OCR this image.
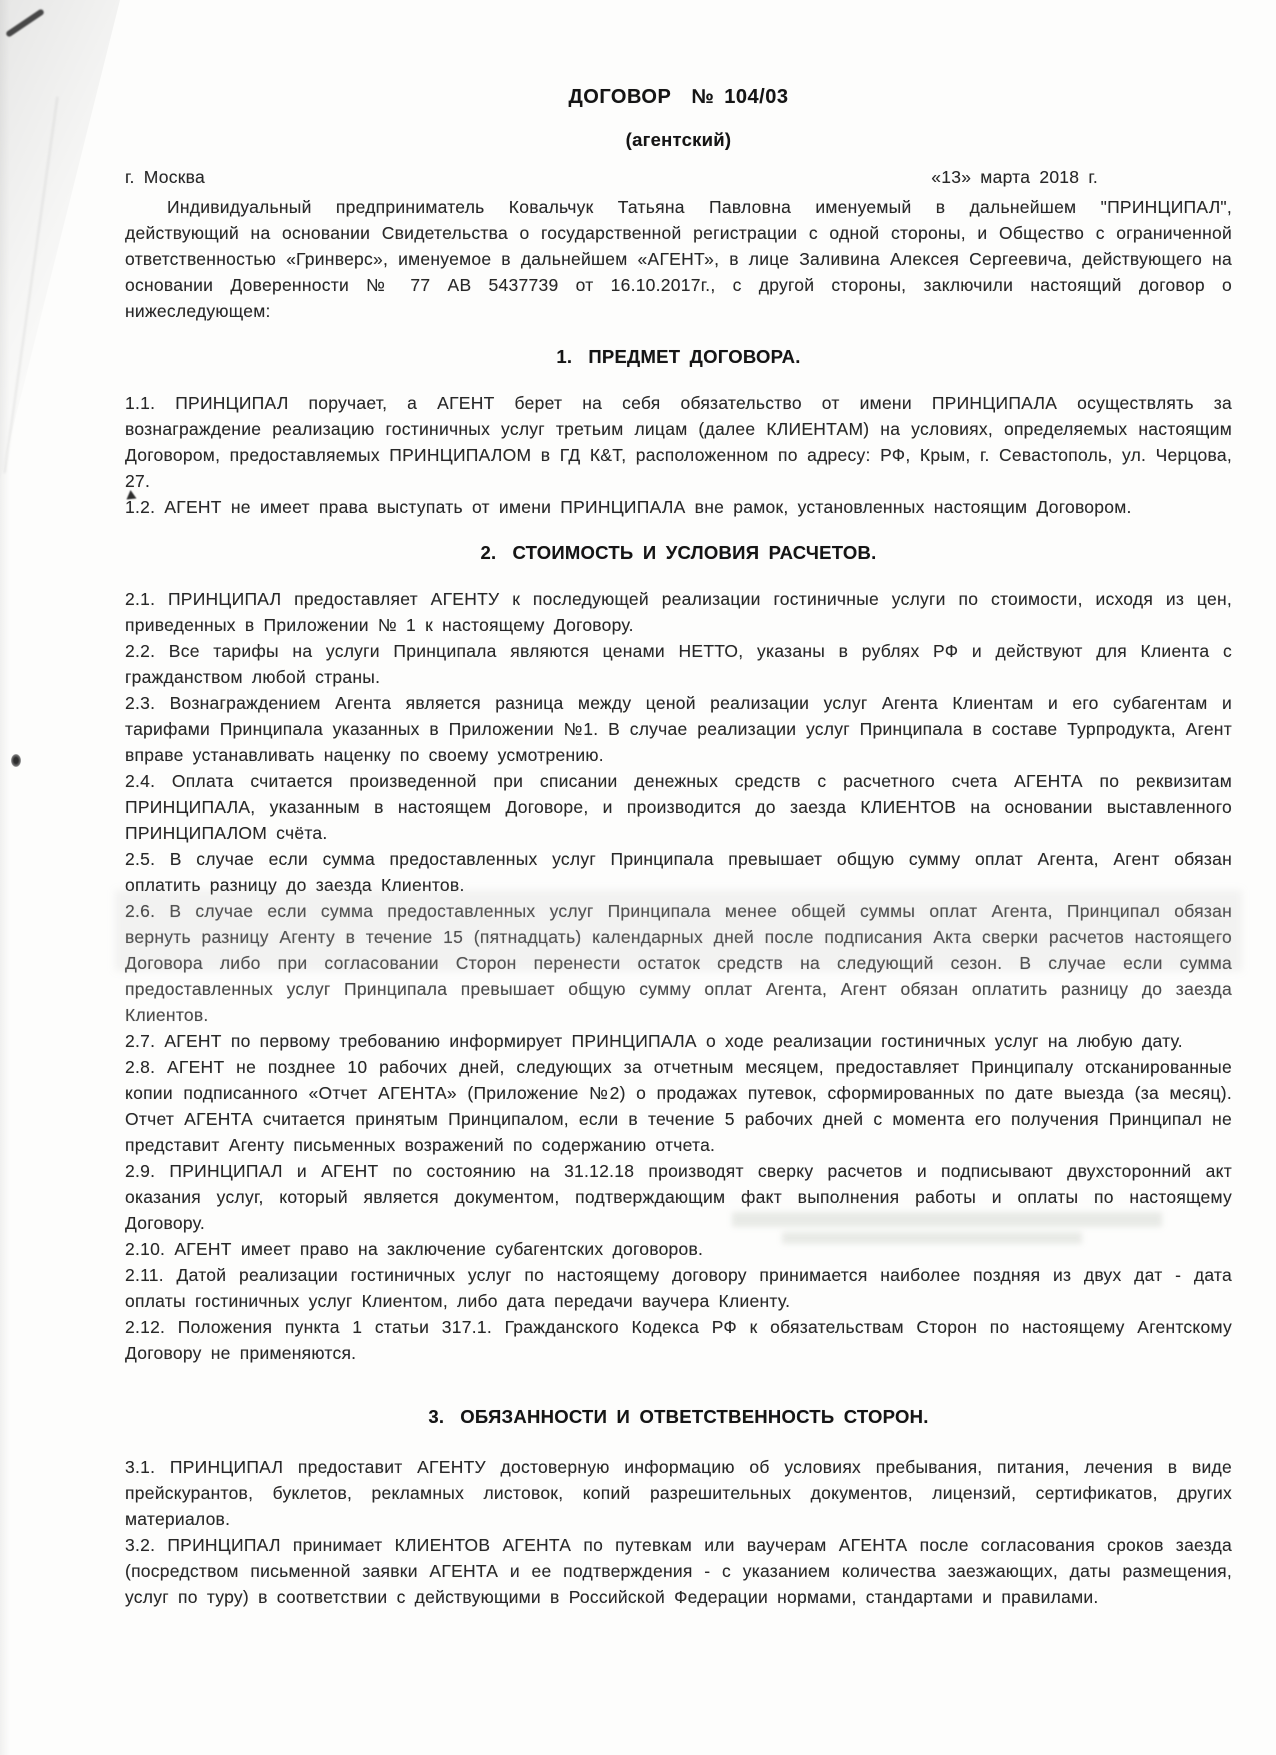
ДОГОВОР  № 104/03
(агентский)
г. Москва	«13» марта 2018 г.

Индивидуальный предприниматель Ковальчук Татьяна Павловна именуемый в дальнейшем "ПРИНЦИПАЛ", действующий на основании Свидетельства о государственной регистрации с одной стороны, и Общество с ограниченной ответственностью «Гринверс», именуемое в дальнейшем «АГЕНТ», в лице Заливина Алексея Сергеевича, действующего на основании Доверенности № 77 АВ 5437739 от 16.10.2017г., с другой стороны, заключили настоящий договор о нижеследующем:

1. ПРЕДМЕТ ДОГОВОРА.

1.1. ПРИНЦИПАЛ поручает, а АГЕНТ берет на себя обязательство от имени ПРИНЦИПАЛА осуществлять за вознаграждение реализацию гостиничных услуг третьим лицам (далее КЛИЕНТАМ) на условиях, определяемых настоящим Договором, предоставляемых ПРИНЦИПАЛОМ в ГД К&Т, расположенном по адресу: РФ, Крым, г. Севастополь, ул. Черцова, 27.

1.2. АГЕНТ не имеет права выступать от имени ПРИНЦИПАЛА вне рамок, установленных настоящим Договором.

2. СТОИМОСТЬ И УСЛОВИЯ РАСЧЕТОВ.

2.1. ПРИНЦИПАЛ предоставляет АГЕНТУ к последующей реализации гостиничные услуги по стоимости, исходя из цен, приведенных в Приложении № 1 к настоящему Договору.

2.2. Все тарифы на услуги Принципала являются ценами НЕТТО, указаны в рублях РФ и действуют для Клиента с гражданством любой страны.

2.3. Вознаграждением Агента является разница между ценой реализации услуг Агента Клиентам и его субагентам и тарифами Принципала указанных в Приложении №1. В случае реализации услуг Принципала в составе Турпродукта, Агент вправе устанавливать наценку по своему усмотрению.

2.4. Оплата считается произведенной при списании денежных средств с расчетного счета АГЕНТА по реквизитам ПРИНЦИПАЛА, указанным в настоящем Договоре, и производится до заезда КЛИЕНТОВ на основании выставленного ПРИНЦИПАЛОМ счёта.

2.5. В случае если сумма предоставленных услуг Принципала превышает общую сумму оплат Агента, Агент обязан оплатить разницу до заезда Клиентов.

2.6. В случае если сумма предоставленных услуг Принципала менее общей суммы оплат Агента, Принципал обязан вернуть разницу Агенту в течение 15 (пятнадцать) календарных дней после подписания Акта сверки расчетов настоящего Договора либо при согласовании Сторон перенести остаток средств на следующий сезон. В случае если сумма предоставленных услуг Принципала превышает общую сумму оплат Агента, Агент обязан оплатить разницу до заезда Клиентов.

2.7. АГЕНТ по первому требованию информирует ПРИНЦИПАЛА о ходе реализации гостиничных услуг на любую дату.

2.8. АГЕНТ не позднее 10 рабочих дней, следующих за отчетным месяцем, предоставляет Принципалу отсканированные копии подписанного «Отчет АГЕНТА» (Приложение №2) о продажах путевок, сформированных по дате выезда (за месяц). Отчет АГЕНТА считается принятым Принципалом, если в течение 5 рабочих дней с момента его получения Принципал не представит Агенту письменных возражений по содержанию отчета.

2.9. ПРИНЦИПАЛ и АГЕНТ по состоянию на 31.12.18 производят сверку расчетов и подписывают двухсторонний акт оказания услуг, который является документом, подтверждающим факт выполнения работы и оплаты по настоящему Договору.

2.10. АГЕНТ имеет право на заключение субагентских договоров.

2.11. Датой реализации гостиничных услуг по настоящему договору принимается наиболее поздняя из двух дат - дата оплаты гостиничных услуг Клиентом, либо дата передачи ваучера Клиенту.

2.12. Положения пункта 1 статьи 317.1. Гражданского Кодекса РФ к обязательствам Сторон по настоящему Агентскому Договору не применяются.

3. ОБЯЗАННОСТИ И ОТВЕТСТВЕННОСТЬ СТОРОН.

3.1. ПРИНЦИПАЛ предоставит АГЕНТУ достоверную информацию об условиях пребывания, питания, лечения в виде прейскурантов, буклетов, рекламных листовок, копий разрешительных документов, лицензий, сертификатов, других материалов.

3.2. ПРИНЦИПАЛ принимает КЛИЕНТОВ АГЕНТА по путевкам или ваучерам АГЕНТА после согласования сроков заезда (посредством письменной заявки АГЕНТА и ее подтверждения - с указанием количества заезжающих, даты размещения, услуг по туру) в соответствии с действующими в Российской Федерации нормами, стандартами и правилами.
